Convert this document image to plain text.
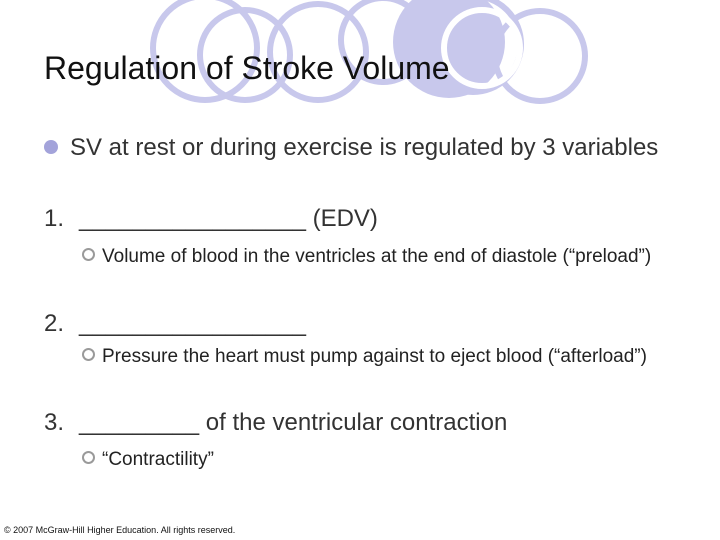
Regulation of Stroke Volume
SV at rest or during exercise is regulated by 3 variables
1. _________________ (EDV)
Volume of blood in the ventricles at the end of diastole (“preload”)
2. _________________
Pressure the heart must pump against to eject blood (“afterload”)
3. _________ of the ventricular contraction
“Contractility”
© 2007 McGraw-Hill Higher Education. All rights reserved.
